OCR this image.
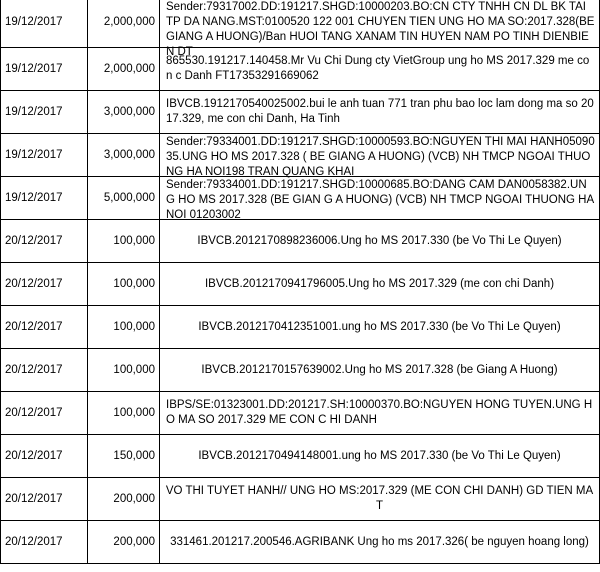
19/12/2017	2,000,000	Sender:79317002.DD:191217.SHGD:10000203.BO:CN CTY TNHH CN DL BK TAI TP DA NANG.MST:0100520 122 001 CHUYEN TIEN UNG HO MA SO:2017.328(BE GIANG A HUONG)/Ban HUOI TANG XANAM TIN HUYEN NAM PO TINH DIENBIEN DT

19/12/2017	2,000,000	865530.191217.140458.Mr Vu Chi Dung cty VietGroup ung ho MS 2017.329 me con c Danh FT17353291669062

19/12/2017	3,000,000	IBVCB.1912170540025002.bui le anh tuan 771 tran phu bao loc lam dong ma so 2017.329, me con chi Danh, Ha Tinh

19/12/2017	3,000,000	Sender:79334001.DD:191217.SHGD:10000593.BO:NGUYEN THI MAI HANH0509035.UNG HO MS 2017.328 ( BE GIANG A HUONG) (VCB) NH TMCP NGOAI THUONG HA NOI198 TRAN QUANG KHAI

19/12/2017	5,000,000	Sender:79334001.DD:191217.SHGD:10000685.BO:DANG CAM DAN0058382.UNG HO MS 2017.328 (BE GIAN G A HUONG) (VCB) NH TMCP NGOAI THUONG HA NOI 01203002

20/12/2017	100,000	IBVCB.2012170898236006.Ung ho MS 2017.330 (be Vo Thi Le Quyen)

20/12/2017	100,000	IBVCB.2012170941796005.Ung ho MS 2017.329 (me con chi Danh)

20/12/2017	100,000	IBVCB.2012170412351001.ung ho MS 2017.330 (be Vo Thi Le Quyen)

20/12/2017	100,000	IBVCB.2012170157639002.Ung ho MS 2017.328 (be Giang A Huong)

20/12/2017	100,000	IBPS/SE:01323001.DD:201217.SH:10000370.BO:NGUYEN HONG TUYEN.UNG HO MA SO 2017.329 ME CON C HI DANH

20/12/2017	150,000	IBVCB.2012170494148001.ung ho MS 2017.330 (be Vo Thi Le Quyen)

20/12/2017	200,000	VO THI TUYET HANH// UNG HO MS:2017.329 (ME CON CHI DANH) GD TIEN MAT

20/12/2017	200,000	331461.201217.200546.AGRIBANK Ung ho ms 2017.326( be nguyen hoang long)
